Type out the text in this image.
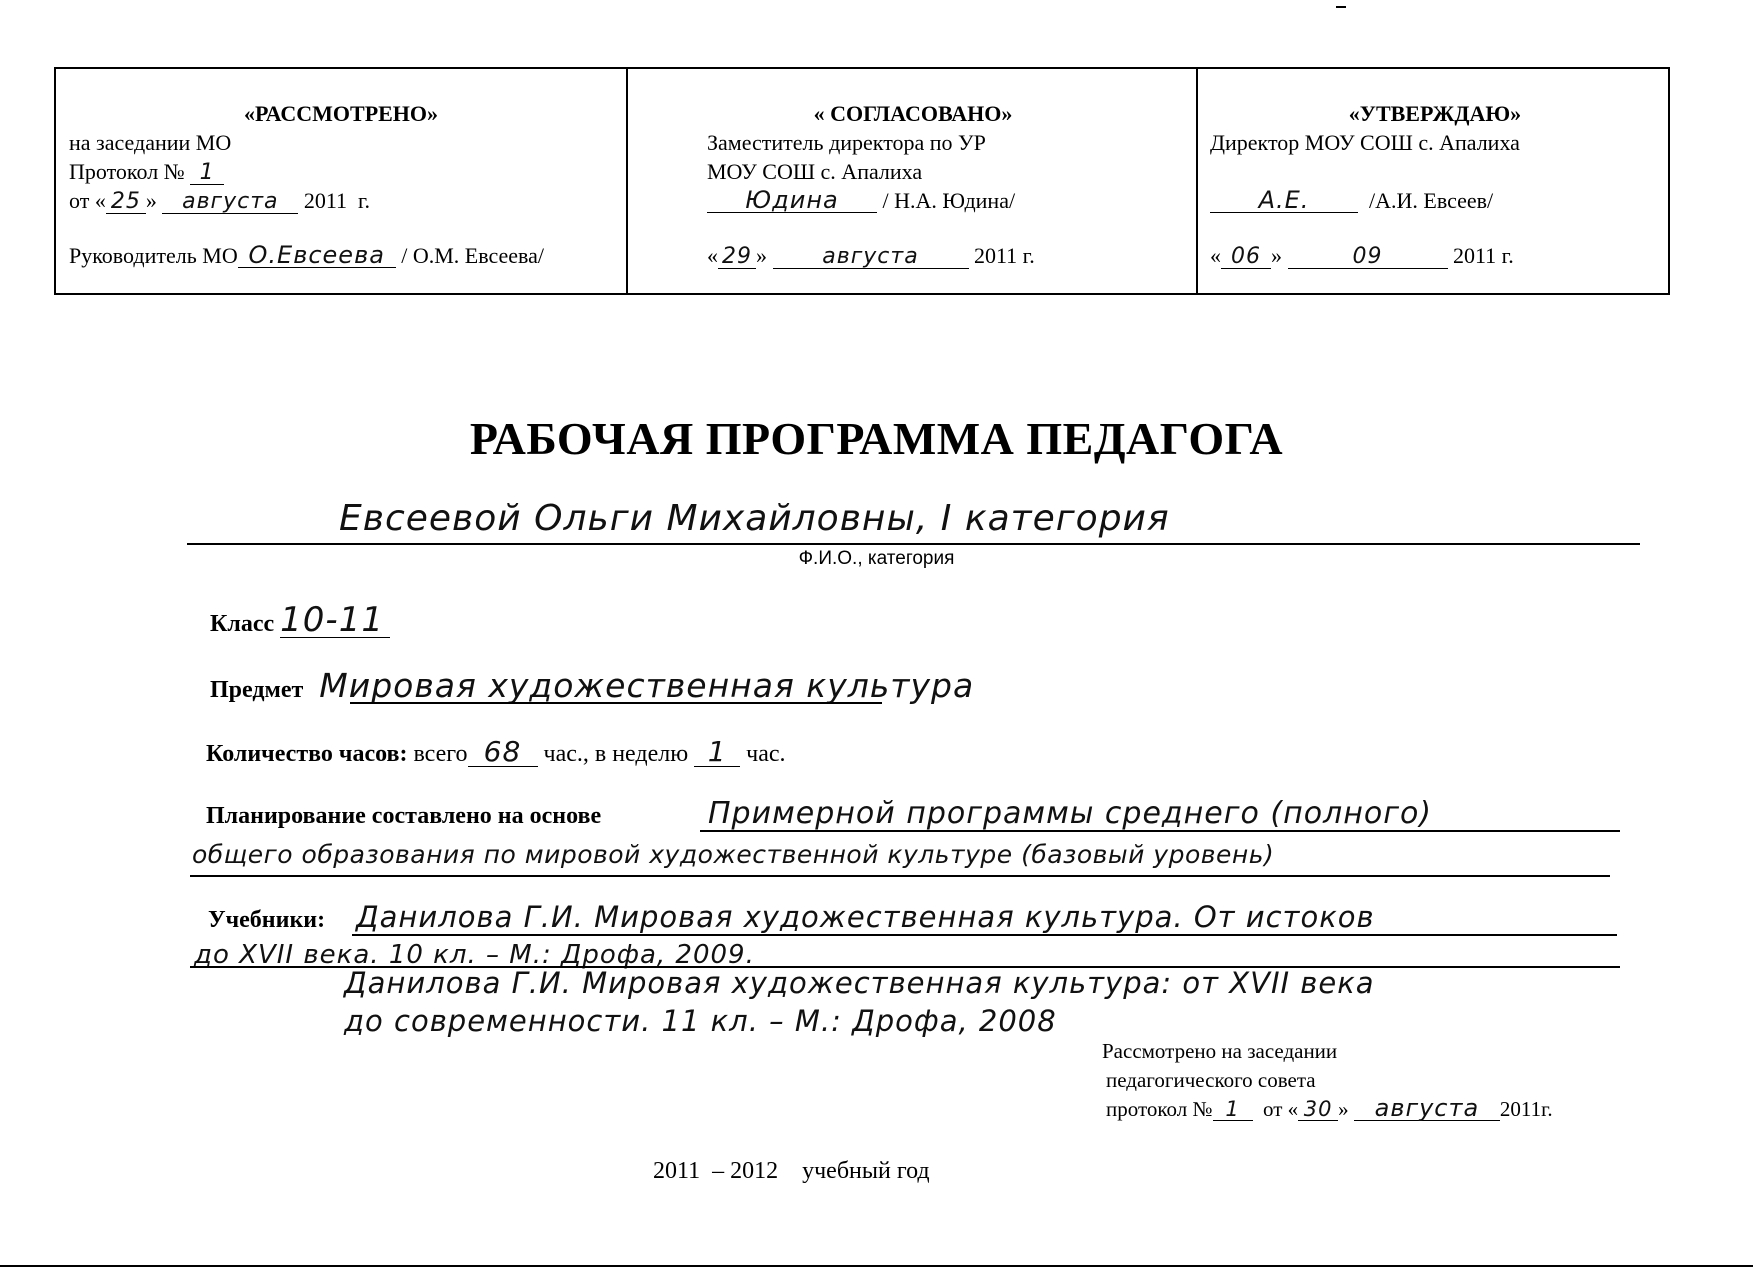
«РАССМОТРЕНО»
на заседании МО
Протокол № 1
от « 25 » августа 2011 г.
Руководитель МО О.Евсеева / О.М. Евсеева/
« СОГЛАСОВАНО»
Заместитель директора по УР
МОУ СОШ с. Апалиха
Юдина / Н.А. Юдина/
« 29 »	августа	2011 г.
«УТВЕРЖДАЮ»
Директор МОУ СОШ с. Апалиха
А.Е.	/А.И. Евсеев/
« 06 »	09	2011 г.
РАБОЧАЯ ПРОГРАММА ПЕДАГОГА
Евсеевой Ольги Михайловны, I категория
Ф.И.О., категория
Класс 10-11
Предмет Мировая художественная культура
Количество часов: всего 68 час., в неделю 1 час.
Планирование составлено на основе	Примерной программы среднего (полного)
общего образования по мировой художественной культуре (базовый уровень)
Учебники: Данилова Г.И. Мировая художественная культура. От истоков
до XVII века. 10 кл. – М.: Дрофа, 2009.
Данилова Г.И. Мировая художественная культура: от XVII века
до современности. 11 кл. – М.: Дрофа, 2008
Рассмотрено на заседании
педагогического совета
протокол № 1 от « 30 » августа 2011г.
2011 – 2012 учебный год
